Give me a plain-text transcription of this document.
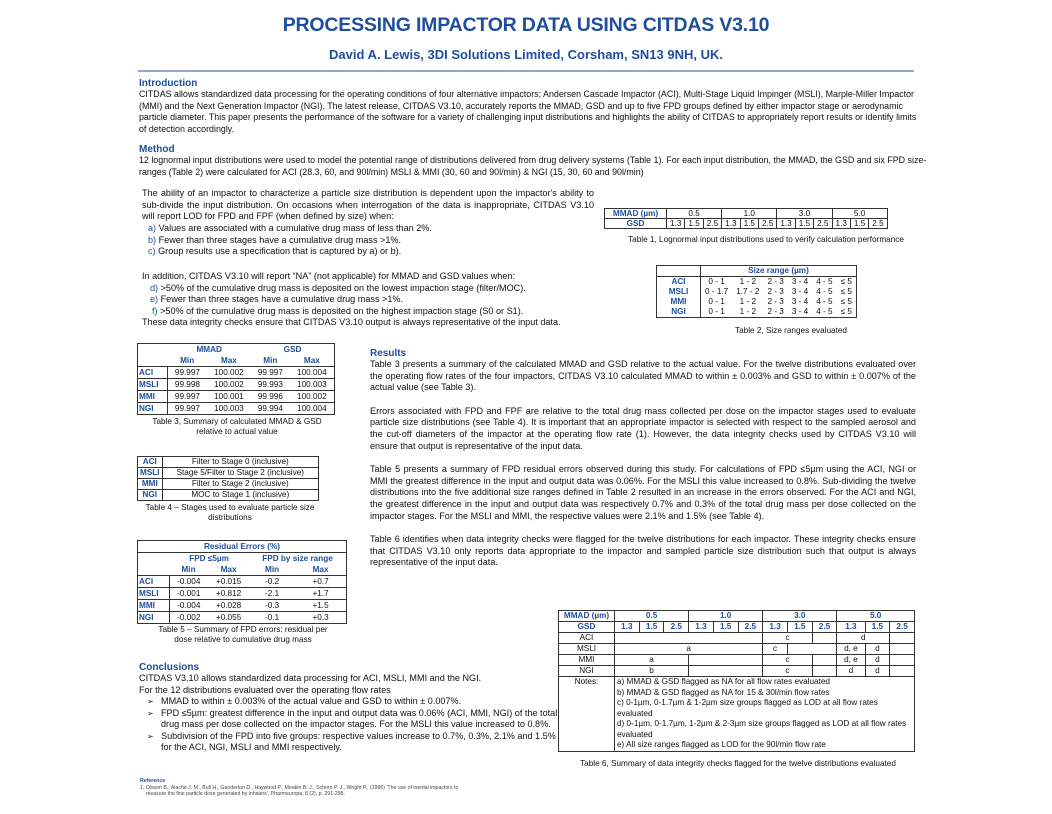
PROCESSING IMPACTOR DATA USING CITDAS V3.10
David A. Lewis, 3DI Solutions Limited, Corsham, SN13 9NH, UK.
Introduction
CITDAS allows standardized data processing for the operating conditions of four alternative impactors; Andersen Cascade Impactor (ACI), Multi-Stage Liquid Impinger (MSLI), Marple-Miller Impactor (MMI) and the Next Generation Impactor (NGI). The latest release, CITDAS V3.10, accurately reports the MMAD, GSD and up to five FPD groups defined by either impactor stage or aerodynamic particle diameter. This paper presents the performance of the software for a variety of challenging input distributions and highlights the ability of CITDAS to appropriately report results or identify limits of detection accordingly.
Method
12 lognormal input distributions were used to model the potential range of distributions delivered from drug delivery systems (Table 1). For each input distribution, the MMAD, the GSD and six FPD size-ranges (Table 2) were calculated for ACI (28.3, 60, and 90l/min) MSLI & MMI (30, 60 and 90l/min) & NGI (15, 30, 60 and 90l/min)
The ability of an impactor to characterize a particle size distribution is dependent upon the impactor's ability to sub-divide the input distribution. On occasions when interrogation of the data is inappropriate, CITDAS V3.10 will report LOD for FPD and FPF (when defined by size) when:
a) Values are associated with a cumulative drug mass of less than 2%.
b) Fewer than three stages have a cumulative drug mass >1%.
c) Group results use a specification that is captured by a) or b).
In addition, CITDAS V3.10 will report “NA” (not applicable) for MMAD and GSD values when:
d) >50% of the cumulative drug mass is deposited on the lowest impaction stage (filter/MOC).
e) Fewer than three stages have a cumulative drug mass >1%.
f) >50% of the cumulative drug mass is deposited on the highest impaction stage (S0 or S1).
These data integrity checks ensure that CITDAS V3.10 output is always representative of the input data.
MMAD (µm)	0.5			1.0			3.0			5.0		
GSD	1.3	1.5	2.5	1.3	1.5	2.5	1.3	1.5	2.5	1.3	1.5	2.5
Table 1, Lognormal input distributions used to verify calculation performance
	Size range (µm)					
ACI	0 - 1	1 - 2	2 - 3	3 - 4	4 - 5	≤ 5
MSLI	0 - 1.7	1.7 - 2	2 - 3	3 - 4	4 - 5	≤ 5
MMI	0 - 1	1 - 2	2 - 3	3 - 4	4 - 5	≤ 5
NGI	0 - 1	1 - 2	2 - 3	3 - 4	4 - 5	≤ 5
Table 2, Size ranges evaluated
	MMAD		GSD	
	Min	Max	Min	Max
ACI	99.997	100.002	99.997	100.004
MSLI	99.998	100.002	99.993	100.003
MMI	99.997	100.001	99.996	100.002
NGI	99.997	100.003	99.994	100.004
Table 3, Summary of calculated MMAD & GSD
relative to actual value
ACI	Filter to Stage 0 (inclusive)
MSLI	Stage 5/Filter to Stage 2 (inclusive)
MMI	Filter to Stage 2 (inclusive)
NGI	MOC to Stage 1 (inclusive)
Table 4 – Stages used to evaluate particle size
distributions
Residual Errors (%)				
	FPD ≤5µm		FPD by size range	
	Min	Max	Min	Max
ACI	-0.004	+0.015	-0.2	+0.7
MSLI	-0.001	+0.812	-2.1	+1.7
MMI	-0.004	+0.028	-0.3	+1.5
NGI	-0.002	+0.055	-0.1	+0.3
Table 5 – Summary of FPD errors: residual per
dose relative to cumulative drug mass
Results
Table 3 presents a summary of the calculated MMAD and GSD relative to the actual value. For the twelve distributions evaluated over the operating flow rates of the four impactors, CITDAS V3.10 calculated MMAD to within ± 0.003% and GSD to within ± 0.007% of the actual value (see Table 3).
Errors associated with FPD and FPF are relative to the total drug mass collected per dose on the impactor stages used to evaluate particle size distributions (see Table 4). It is important that an appropriate impactor is selected with respect to the sampled aerosol and the cut-off diameters of the impactor at the operating flow rate (1). However, the data integrity checks used by CITDAS V3.10 will ensure that output is representative of the input data.
Table 5 presents a summary of FPD residual errors observed during this study. For calculations of FPD ≤5µm using the ACI, NGI or MMI the greatest difference in the input and output data was 0.06%. For the MSLI this value increased to 0.8%. Sub-dividing the twelve distributions into the five additional size ranges defined in Table 2 resulted in an increase in the errors observed. For the ACI and NGI, the greatest difference in the input and output data was respectively 0.7% and 0.3% of the total drug mass per dose collected on the impactor stages. For the MSLI and MMI, the respective values were 2.1% and 1.5% (see Table 4).
Table 6 identifies when data integrity checks were flagged for the twelve distributions for each impactor. These integrity checks ensure that CITDAS V3.10 only reports data appropriate to the impactor and sampled particle size distribution such that output is always representative of the input data.
MMAD (µm)	0.5			1.0			3.0			5.0		
GSD	1.3	1.5	2.5	1.3	1.5	2.5	1.3	1.5	2.5	1.3	1.5	2.5
ACI							c			d		
MSLI	a						c			d, e	d	
MMI	a						c			d, e	d	
NGI	b						c			d	d	
Notes:	a) MMAD & GSD flagged as NA for all flow rates evaluated
b) MMAD & GSD flagged as NA for 15 & 30l/min flow rates
c) 0-1µm, 0-1.7µm & 1-2µm size groups flagged as LOD at all flow rates evaluated
d) 0-1µm, 0-1.7µm, 1-2µm & 2-3µm size groups flagged as LOD at all flow rates evaluated
e) All size ranges flagged as LOD for the 90l/min flow rate											
Table 6, Summary of data integrity checks flagged for the twelve distributions evaluated
Conclusions
CITDAS V3.10 allows standardized data processing for ACI, MSLI, MMI and the NGI.
For the 12 distributions evaluated over the operating flow rates
➢ MMAD to within ± 0.003% of the actual value and GSD to within ± 0.007%.
➢ FPD ≤5µm: greatest difference in the input and output data was 0.06% (ACI, MMI, NGI) of the total drug mass per dose collected on the impactor stages. For the MSLI this value increased to 0.8%.
➢ Subdivision of the FPD into five groups: respective values increase to 0.7%, 0.3%, 2.1% and 1.5% for the ACI, NGI, MSLI and MMI respectively.
Reference
1. Olsson B., Aiache J. M., Bull H., Ganderton D., Haywood P., Meakin B. J., Schorn P. J., Wright P., (1996) 'The use of inertial impactors to measure the fine particle dose generated by inhalers', Pharmeuropa, 8 (2), p. 291-298.
